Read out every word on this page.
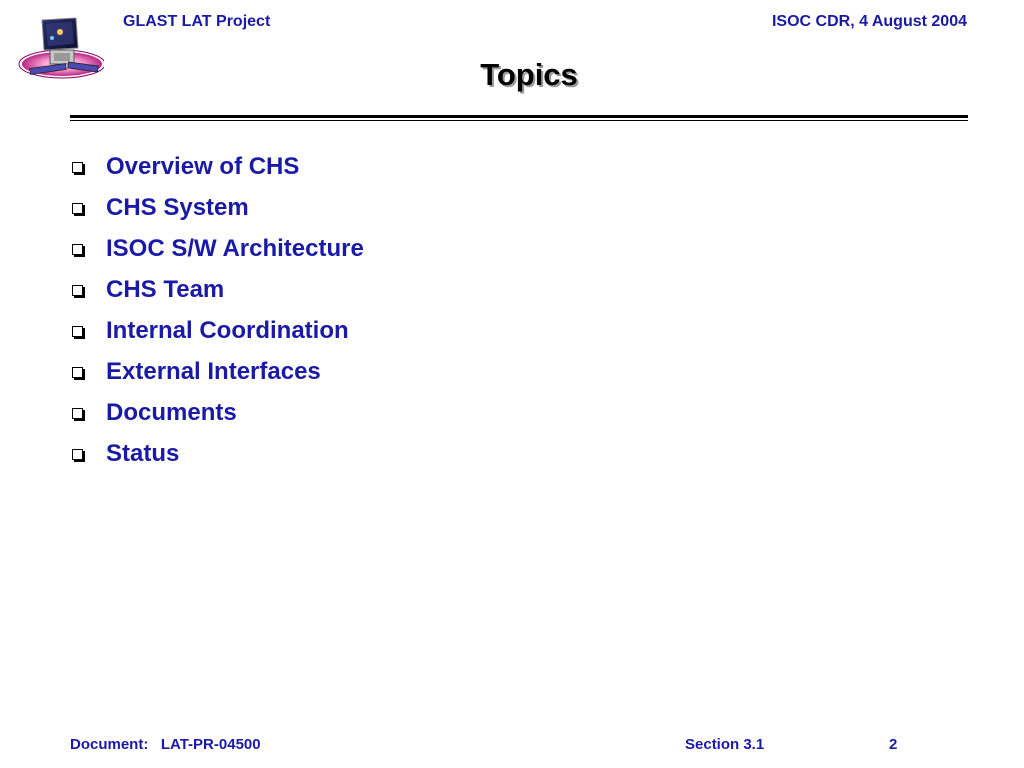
GLAST LAT Project	ISOC CDR, 4 August 2004
Topics
Overview of CHS
CHS System
ISOC S/W Architecture
CHS Team
Internal Coordination
External Interfaces
Documents
Status
Document:   LAT-PR-04500	Section 3.1	2
